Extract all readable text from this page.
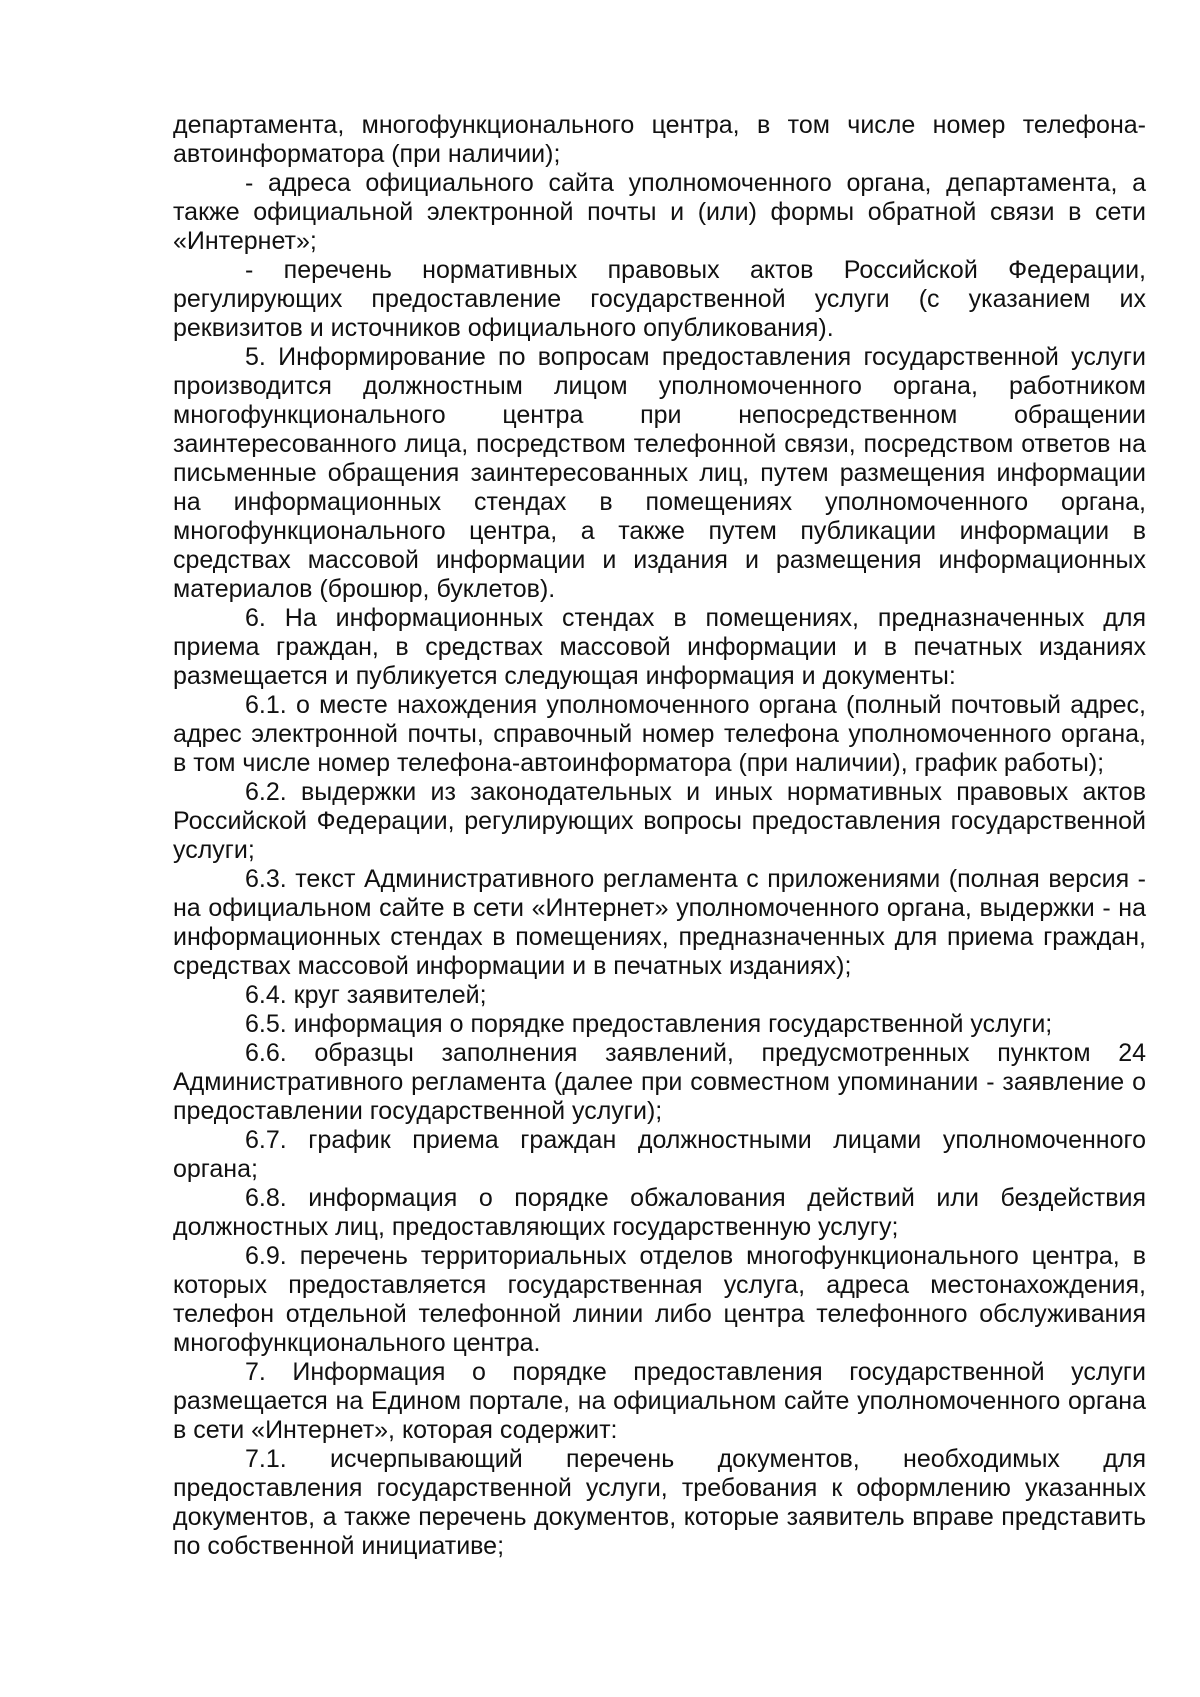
департамента, многофункционального центра, в том числе номер телефона-автоинформатора (при наличии);

- адреса официального сайта уполномоченного органа, департамента, а также официальной электронной почты и (или) формы обратной связи в сети «Интернет»;

- перечень нормативных правовых актов Российской Федерации, регулирующих предоставление государственной услуги (с указанием их реквизитов и источников официального опубликования).

5. Информирование по вопросам предоставления государственной услуги производится должностным лицом уполномоченного органа, работником многофункционального центра при непосредственном обращении заинтересованного лица, посредством телефонной связи, посредством ответов на письменные обращения заинтересованных лиц, путем размещения информации на информационных стендах в помещениях уполномоченного органа, многофункционального центра, а также путем публикации информации в средствах массовой информации и издания и размещения информационных материалов (брошюр, буклетов).

6. На информационных стендах в помещениях, предназначенных для приема граждан, в средствах массовой информации и в печатных изданиях размещается и публикуется следующая информация и документы:

6.1. о месте нахождения уполномоченного органа (полный почтовый адрес, адрес электронной почты, справочный номер телефона уполномоченного органа, в том числе номер телефона-автоинформатора (при наличии), график работы);

6.2. выдержки из законодательных и иных нормативных правовых актов Российской Федерации, регулирующих вопросы предоставления государственной услуги;

6.3. текст Административного регламента с приложениями (полная версия - на официальном сайте в сети «Интернет» уполномоченного органа, выдержки - на информационных стендах в помещениях, предназначенных для приема граждан, средствах массовой информации и в печатных изданиях);

6.4. круг заявителей;

6.5. информация о порядке предоставления государственной услуги;

6.6. образцы заполнения заявлений, предусмотренных пунктом 24 Административного регламента (далее при совместном упоминании - заявление о предоставлении государственной услуги);

6.7. график приема граждан должностными лицами уполномоченного органа;

6.8. информация о порядке обжалования действий или бездействия должностных лиц, предоставляющих государственную услугу;

6.9. перечень территориальных отделов многофункционального центра, в которых предоставляется государственная услуга, адреса местонахождения, телефон отдельной телефонной линии либо центра телефонного обслуживания многофункционального центра.

7. Информация о порядке предоставления государственной услуги размещается на Едином портале, на официальном сайте уполномоченного органа в сети «Интернет», которая содержит:

7.1. исчерпывающий перечень документов, необходимых для предоставления государственной услуги, требования к оформлению указанных документов, а также перечень документов, которые заявитель вправе представить по собственной инициативе;
